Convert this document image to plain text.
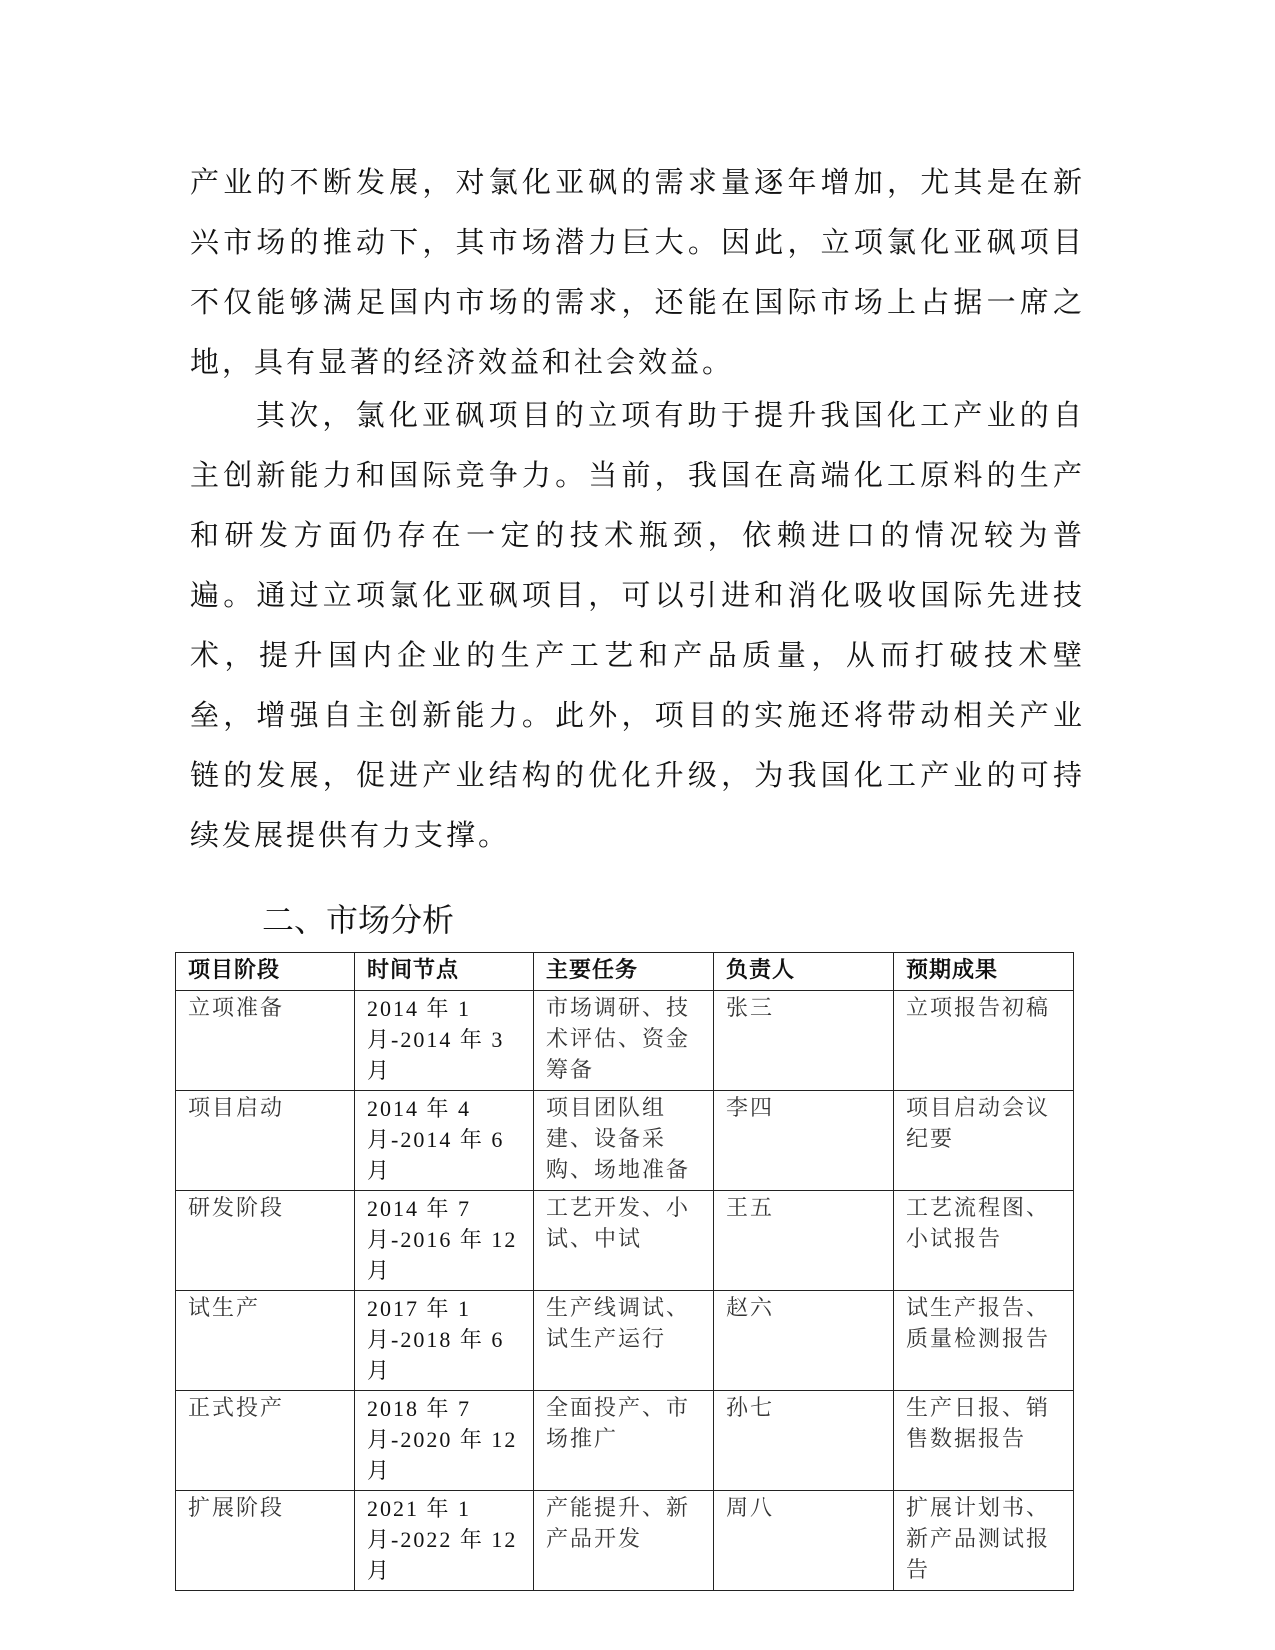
产业的不断发展，对氯化亚砜的需求量逐年增加，尤其是在新兴市场的推动下，其市场潜力巨大。因此，立项氯化亚砜项目不仅能够满足国内市场的需求，还能在国际市场上占据一席之地，具有显著的经济效益和社会效益。

其次，氯化亚砜项目的立项有助于提升我国化工产业的自主创新能力和国际竞争力。当前，我国在高端化工原料的生产和研发方面仍存在一定的技术瓶颈，依赖进口的情况较为普遍。通过立项氯化亚砜项目，可以引进和消化吸收国际先进技术，提升国内企业的生产工艺和产品质量，从而打破技术壁垒，增强自主创新能力。此外，项目的实施还将带动相关产业链的发展，促进产业结构的优化升级，为我国化工产业的可持续发展提供有力支撑。

二、市场分析
项目阶段	时间节点	主要任务	负责人	预期成果
立项准备	2014 年 1 月-2014 年 3 月	市场调研、技术评估、资金筹备	张三	立项报告初稿
项目启动	2014 年 4 月-2014 年 6 月	项目团队组建、设备采购、场地准备	李四	项目启动会议纪要
研发阶段	2014 年 7 月-2016 年 12 月	工艺开发、小试、中试	王五	工艺流程图、小试报告
试生产	2017 年 1 月-2018 年 6 月	生产线调试、试生产运行	赵六	试生产报告、质量检测报告
正式投产	2018 年 7 月-2020 年 12 月	全面投产、市场推广	孙七	生产日报、销售数据报告
扩展阶段	2021 年 1 月-2022 年 12 月	产能提升、新产品开发	周八	扩展计划书、新产品测试报告
